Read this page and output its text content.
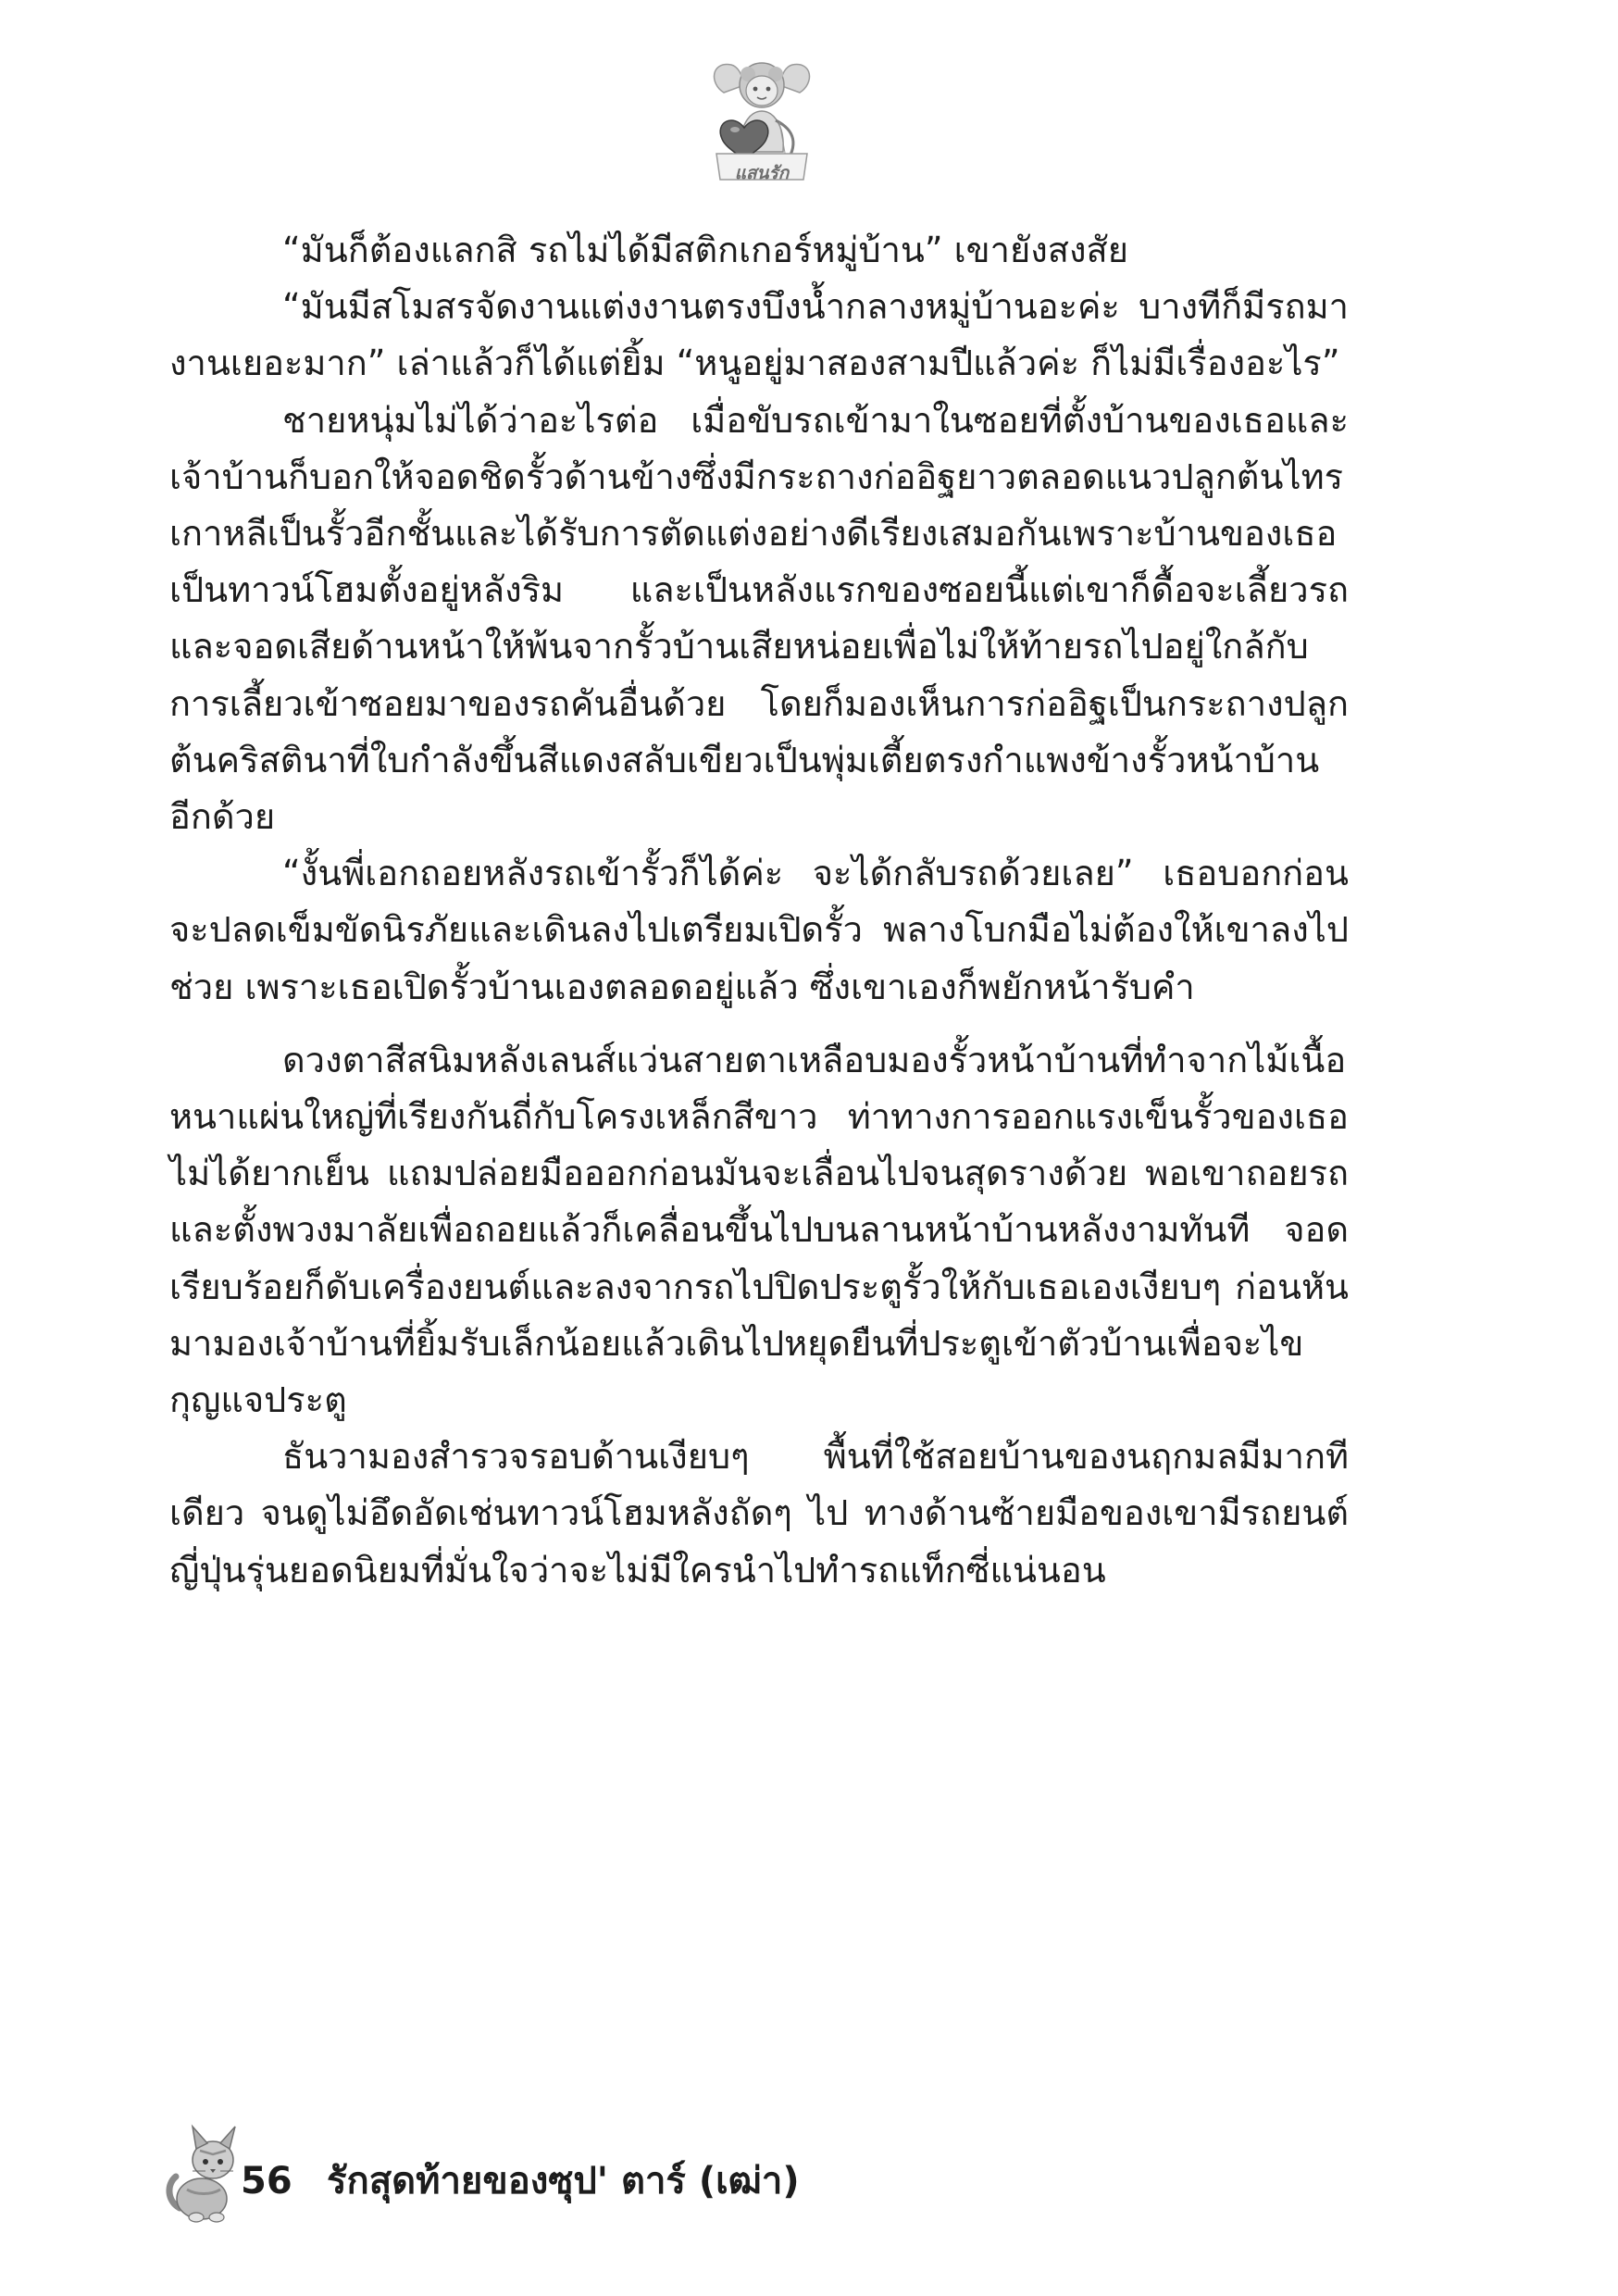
แสนรัก

“มันก็ต้องแลกสิ รถไม่ได้มีสติกเกอร์หมู่บ้าน” เขายังสงสัย

“มันมีสโมสรจัดงานแต่งงานตรงบึงน้ำกลางหมู่บ้านอะค่ะ บางทีก็มีรถมางานเยอะมาก” เล่าแล้วก็ได้แต่ยิ้ม “หนูอยู่มาสองสามปีแล้วค่ะ ก็ไม่มีเรื่องอะไร”

ชายหนุ่มไม่ได้ว่าอะไรต่อ เมื่อขับรถเข้ามาในซอยที่ตั้งบ้านของเธอและเจ้าบ้านก็บอกให้จอดชิดรั้วด้านข้างซึ่งมีกระถางก่ออิฐยาวตลอดแนวปลูกต้นไทรเกาหลีเป็นรั้วอีกชั้นและได้รับการตัดแต่งอย่างดีเรียงเสมอกันเพราะบ้านของเธอเป็นทาวน์โฮมตั้งอยู่หลังริม และเป็นหลังแรกของซอยนี้แต่เขาก็ดื้อจะเลี้ยวรถและจอดเสียด้านหน้าให้พ้นจากรั้วบ้านเสียหน่อยเพื่อไม่ให้ท้ายรถไปอยู่ใกล้กับการเลี้ยวเข้าซอยมาของรถคันอื่นด้วย โดยก็มองเห็นการก่ออิฐเป็นกระถางปลูกต้นคริสตินาที่ใบกำลังขึ้นสีแดงสลับเขียวเป็นพุ่มเตี้ยตรงกำแพงข้างรั้วหน้าบ้านอีกด้วย

“งั้นพี่เอกถอยหลังรถเข้ารั้วก็ได้ค่ะ จะได้กลับรถด้วยเลย” เธอบอกก่อนจะปลดเข็มขัดนิรภัยและเดินลงไปเตรียมเปิดรั้ว พลางโบกมือไม่ต้องให้เขาลงไปช่วย เพราะเธอเปิดรั้วบ้านเองตลอดอยู่แล้ว ซึ่งเขาเองก็พยักหน้ารับคำ

ดวงตาสีสนิมหลังเลนส์แว่นสายตาเหลือบมองรั้วหน้าบ้านที่ทำจากไม้เนื้อหนาแผ่นใหญ่ที่เรียงกันถี่กับโครงเหล็กสีขาว ท่าทางการออกแรงเข็นรั้วของเธอไม่ได้ยากเย็น แถมปล่อยมือออกก่อนมันจะเลื่อนไปจนสุดรางด้วย พอเขาถอยรถและตั้งพวงมาลัยเพื่อถอยแล้วก็เคลื่อนขึ้นไปบนลานหน้าบ้านหลังงามทันที จอดเรียบร้อยก็ดับเครื่องยนต์และลงจากรถไปปิดประตูรั้วให้กับเธอเองเงียบๆ ก่อนหันมามองเจ้าบ้านที่ยิ้มรับเล็กน้อยแล้วเดินไปหยุดยืนที่ประตูเข้าตัวบ้านเพื่อจะไขกุญแจประตู

ธันวามองสำรวจรอบด้านเงียบๆ พื้นที่ใช้สอยบ้านของนฤกมลมีมากทีเดียว จนดูไม่อึดอัดเช่นทาวน์โฮมหลังถัดๆ ไป ทางด้านซ้ายมือของเขามีรถยนต์ญี่ปุ่นรุ่นยอดนิยมที่มั่นใจว่าจะไม่มีใครนำไปทำรถแท็กซี่แน่นอน

56 รักสุดท้ายของซุป' ตาร์ (เฒ่า)
